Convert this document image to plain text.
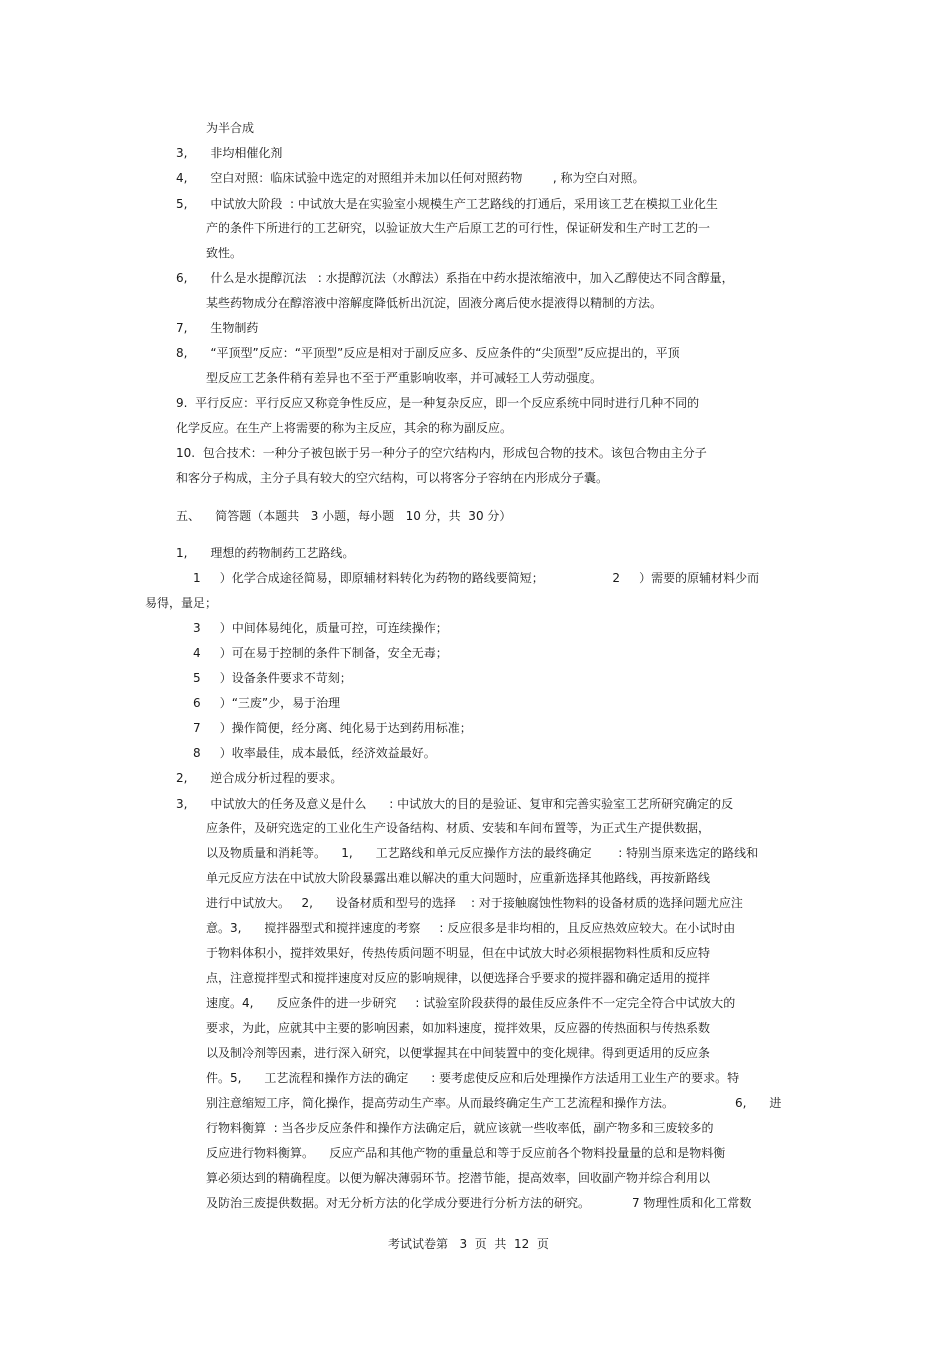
为半合成
3,      非均相催化剂
4,      空白对照：临床试验中选定的对照组并未加以任何对照药物        , 称为空白对照。
5,      中试放大阶段  : 中试放大是在实验室小规模生产工艺路线的打通后，采用该工艺在模拟工业化生
产的条件下所进行的工艺研究，以验证放大生产后原工艺的可行性，保证研发和生产时工艺的一
致性。
6,      什么是水提醇沉法   : 水提醇沉法（水醇法）系指在中药水提浓缩液中，加入乙醇使达不同含醇量，
某些药物成分在醇溶液中溶解度降低析出沉淀，固液分离后使水提液得以精制的方法。
7,      生物制药
8,      “平顶型”反应：“平顶型”反应是相对于副反应多、反应条件的“尖顶型”反应提出的，平顶
型反应工艺条件稍有差异也不至于严重影响收率，并可减轻工人劳动强度。
9.  平行反应：平行反应又称竞争性反应，是一种复杂反应，即一个反应系统中同时进行几种不同的
化学反应。在生产上将需要的称为主反应，其余的称为副反应。
10.  包合技术：一种分子被包嵌于另一种分子的空穴结构内，形成包合物的技术。该包合物由主分子
和客分子构成，主分子具有较大的空穴结构，可以将客分子容纳在内形成分子囊。
五、    简答题（本题共   3 小题，每小题   10 分，共  30 分）
1,      理想的药物制药工艺路线。
1     ）化学合成途径简易，即原辅材料转化为药物的路线要简短；                  2     ）需要的原辅材料少而
易得，量足；
3     ）中间体易纯化，质量可控，可连续操作；
4     ）可在易于控制的条件下制备，安全无毒；
5     ）设备条件要求不苛刻；
6     ）“三废”少，易于治理
7     ）操作简便，经分离、纯化易于达到药用标准；
8     ）收率最佳，成本最低，经济效益最好。
2,      逆合成分析过程的要求。
3,      中试放大的任务及意义是什么      : 中试放大的目的是验证、复审和完善实验室工艺所研究确定的反
应条件，及研究选定的工业化生产设备结构、材质、安装和车间布置等，为正式生产提供数据，
以及物质量和消耗等。    1,      工艺路线和单元反应操作方法的最终确定       : 特别当原来选定的路线和
单元反应方法在中试放大阶段暴露出难以解决的重大问题时，应重新选择其他路线，再按新路线
进行中试放大。   2,      设备材质和型号的选择    : 对于接触腐蚀性物料的设备材质的选择问题尤应注
意。3,      搅拌器型式和搅拌速度的考察     : 反应很多是非均相的，且反应热效应较大。在小试时由
于物料体积小，搅拌效果好，传热传质问题不明显，但在中试放大时必须根据物料性质和反应特
点，注意搅拌型式和搅拌速度对反应的影响规律，以便选择合乎要求的搅拌器和确定适用的搅拌
速度。4,      反应条件的进一步研究     : 试验室阶段获得的最佳反应条件不一定完全符合中试放大的
要求，为此，应就其中主要的影响因素，如加料速度，搅拌效果，反应器的传热面积与传热系数
以及制冷剂等因素，进行深入研究，以便掌握其在中间装置中的变化规律。得到更适用的反应条
件。5,      工艺流程和操作方法的确定      : 要考虑使反应和后处理操作方法适用工业生产的要求。特
别注意缩短工序，简化操作，提高劳动生产率。从而最终确定生产工艺流程和操作方法。                6,      进
行物料衡算  : 当各步反应条件和操作方法确定后，就应该就一些收率低，副产物多和三废较多的
反应进行物料衡算。    反应产品和其他产物的重量总和等于反应前各个物料投量量的总和是物料衡
算必须达到的精确程度。以便为解决薄弱环节。挖潜节能，提高效率，回收副产物并综合利用以
及防治三废提供数据。对无分析方法的化学成分要进行分析方法的研究。           7 物理性质和化工常数
考试试卷第   3  页  共  12  页
